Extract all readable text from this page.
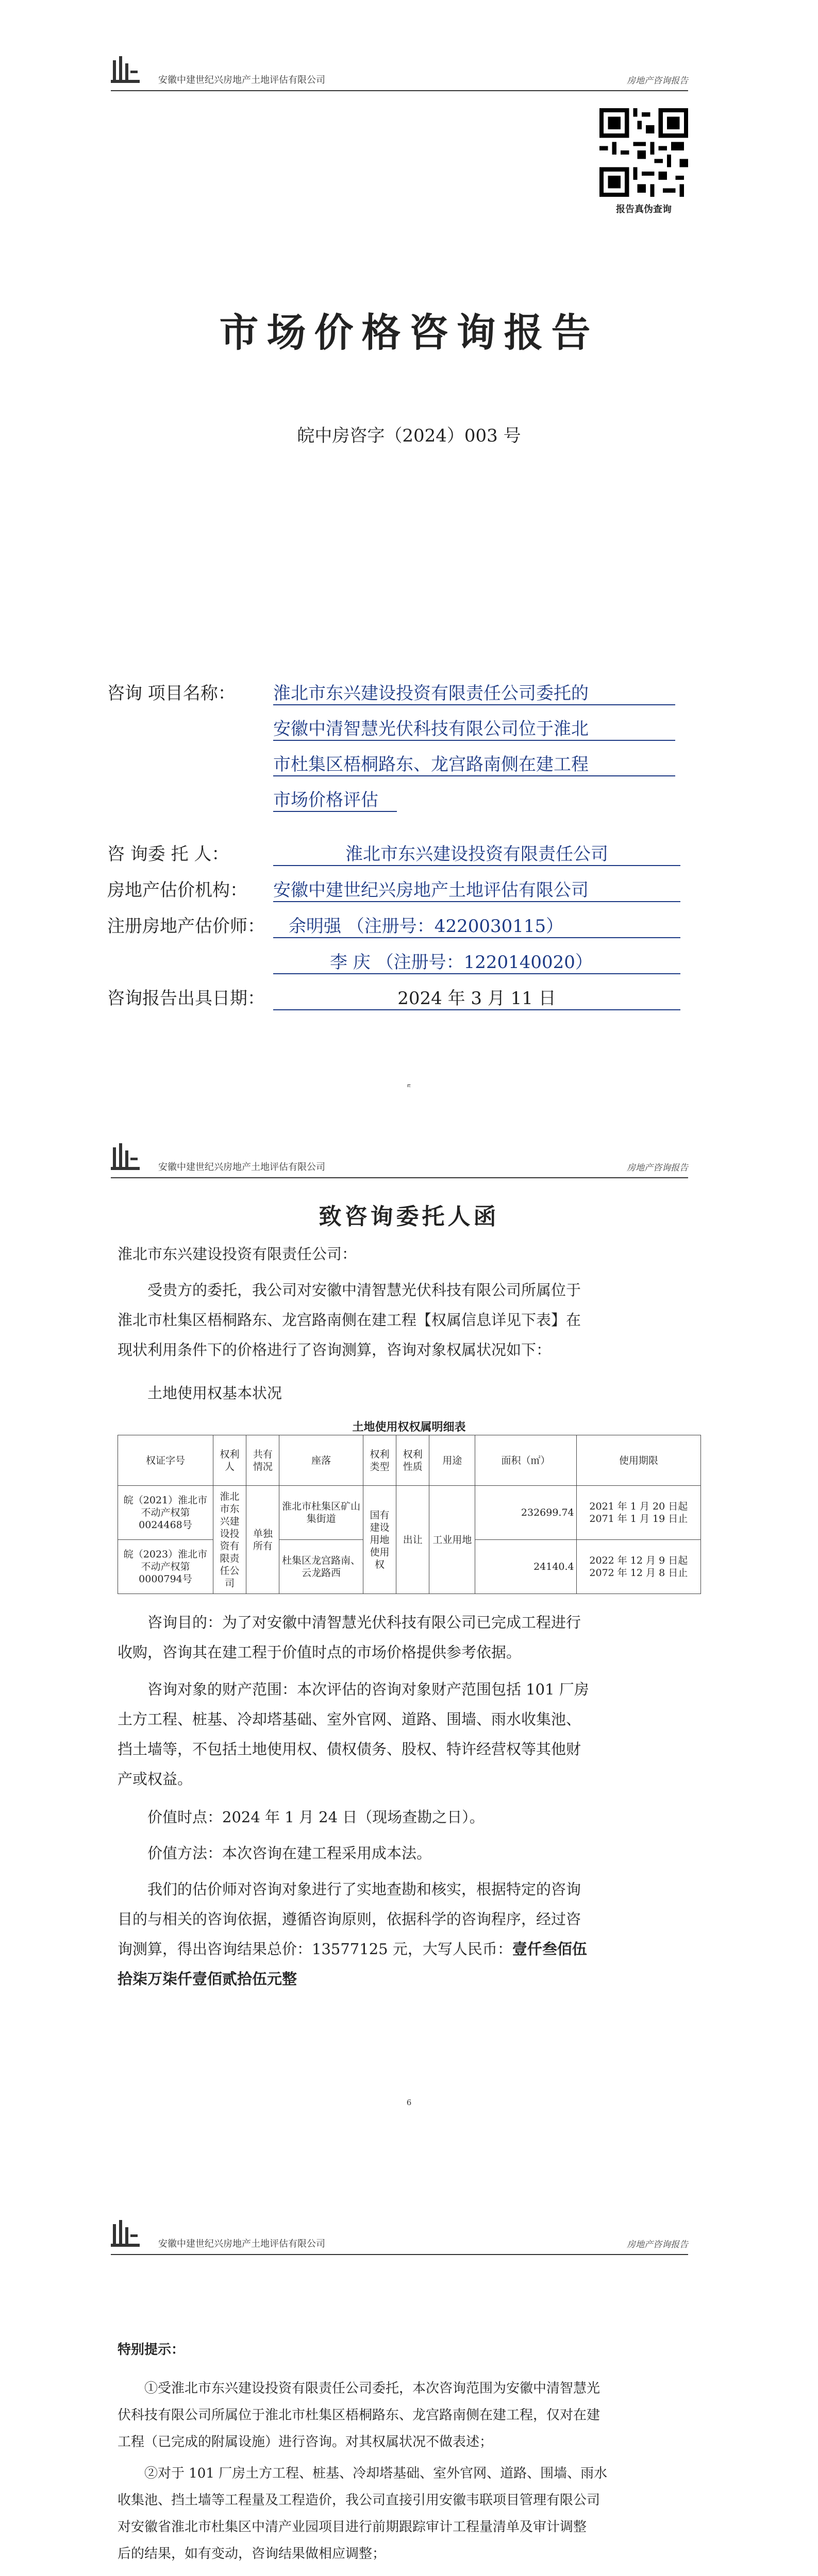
安徽中建世纪兴房地产土地评估有限公司	房地产咨询报告
报告真伪查询
市场价格咨询报告
皖中房咨字（2024）003 号
咨询 项目名称： 淮北市东兴建设投资有限责任公司委托的
安徽中清智慧光伏科技有限公司位于淮北
市杜集区梧桐路东、龙宫路南侧在建工程
市场价格评估
咨 询委 托 人：	淮北市东兴建设投资有限责任公司
房地产估价机构： 安徽中建世纪兴房地产土地评估有限公司
注册房地产估价师：	余明强 （注册号：4220030115）
李 庆 （注册号：1220140020）
咨询报告出具日期：	2024 年 3 月 11 日
安徽中建世纪兴房地产土地评估有限公司	房地产咨询报告
致咨询委托人函
淮北市东兴建设投资有限责任公司：
受贵方的委托，我公司对安徽中清智慧光伏科技有限公司所属位于
淮北市杜集区梧桐路东、龙宫路南侧在建工程【权属信息详见下表】在
现状利用条件下的价格进行了咨询测算，咨询对象权属状况如下：
土地使用权基本状况
土地使用权权属明细表
权证字号	权利人	共有情况	座落	权利类型	权利性质	用途	面积（㎡）	使用期限
皖（2021）淮北市不动产权第0024468号	淮北市东兴建设投资有限责任公司	单独所有	淮北市杜集区矿山集街道	国有建设用地使用权	出让	工业用地	232699.74	2021 年 1 月 20 日起 2071 年 1 月 19 日止
皖（2023）淮北市不动产权第0000794号			杜集区龙宫路南、云龙路西				24140.4	2022 年 12 月 9 日起 2072 年 12 月 8 日止
咨询目的：为了对安徽中清智慧光伏科技有限公司已完成工程进行
收购，咨询其在建工程于价值时点的市场价格提供参考依据。
咨询对象的财产范围：本次评估的咨询对象财产范围包括 101 厂房
土方工程、桩基、冷却塔基础、室外官网、道路、围墙、雨水收集池、
挡土墙等，不包括土地使用权、债权债务、股权、特许经营权等其他财
产或权益。
价值时点：2024 年 1 月 24 日（现场查勘之日）。
价值方法：本次咨询在建工程采用成本法。
我们的估价师对咨询对象进行了实地查勘和核实，根据特定的咨询
目的与相关的咨询依据，遵循咨询原则，依据科学的咨询程序，经过咨
询测算，得出咨询结果总价：13577125 元，大写人民币：壹仟叁佰伍
拾柒万柒仟壹佰贰拾伍元整
6
安徽中建世纪兴房地产土地评估有限公司	房地产咨询报告
特别提示：
①受淮北市东兴建设投资有限责任公司委托，本次咨询范围为安徽中清智慧光
伏科技有限公司所属位于淮北市杜集区梧桐路东、龙宫路南侧在建工程，仅对在建
工程（已完成的附属设施）进行咨询。对其权属状况不做表述；
②对于 101 厂房土方工程、桩基、冷却塔基础、室外官网、道路、围墙、雨水
收集池、挡土墙等工程量及工程造价，我公司直接引用安徽韦联项目管理有限公司
对安徽省淮北市杜集区中清产业园项目进行前期跟踪审计工程量清单及审计调整
后的结果，如有变动，咨询结果做相应调整；
